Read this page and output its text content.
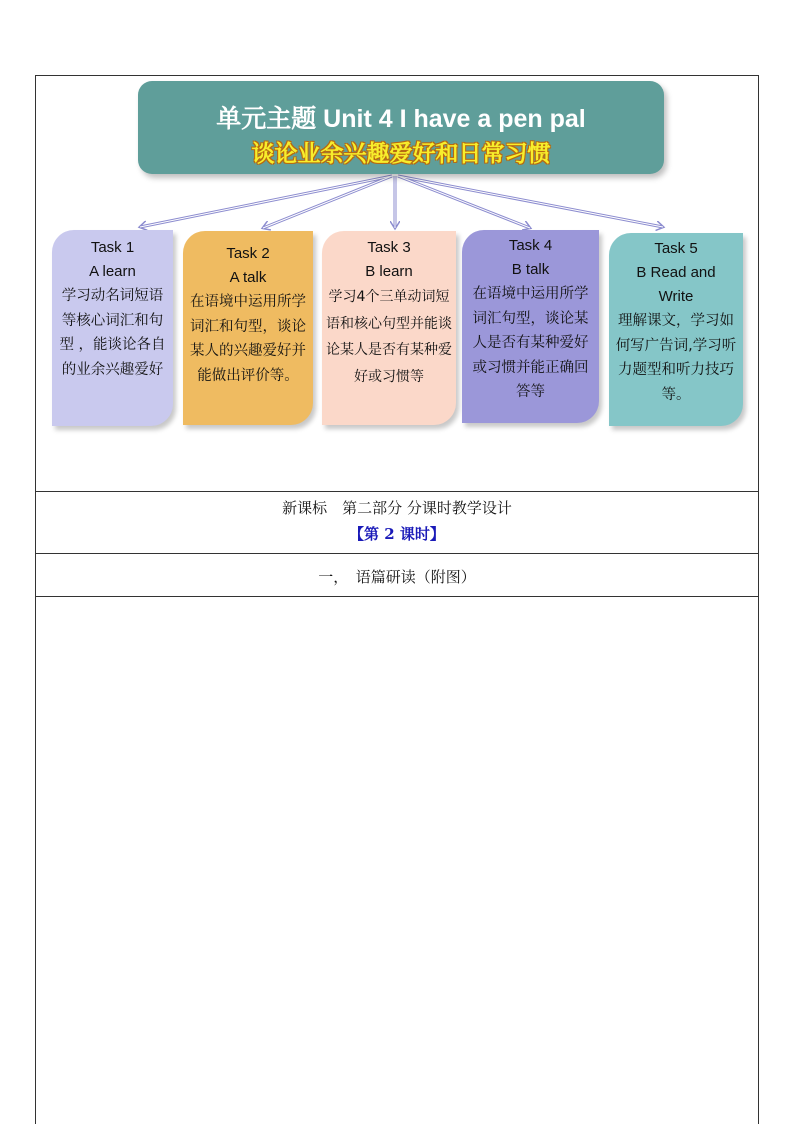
单元主题 Unit 4 I have a pen pal
谈论业余兴趣爱好和日常习惯
Task 1
A learn
学习动名词短语等核心词汇和句型 ，能谈论各自的业余兴趣爱好
Task 2
A talk
在语境中运用所学词汇和句型，谈论某人的兴趣爱好并能做出评价等。
Task 3
B learn
学习4个三单动词短语和核心句型并能谈论某人是否有某种爱好或习惯等
Task 4
B talk
在语境中运用所学词汇句型，谈论某人是否有某种爱好或习惯并能正确回答等
Task 5
B Read and Write
理解课文，学习如何写广告词,学习听力题型和听力技巧等。
新课标　第二部分 分课时教学设计
【第 2 课时】
一，　语篇研读（附图）
